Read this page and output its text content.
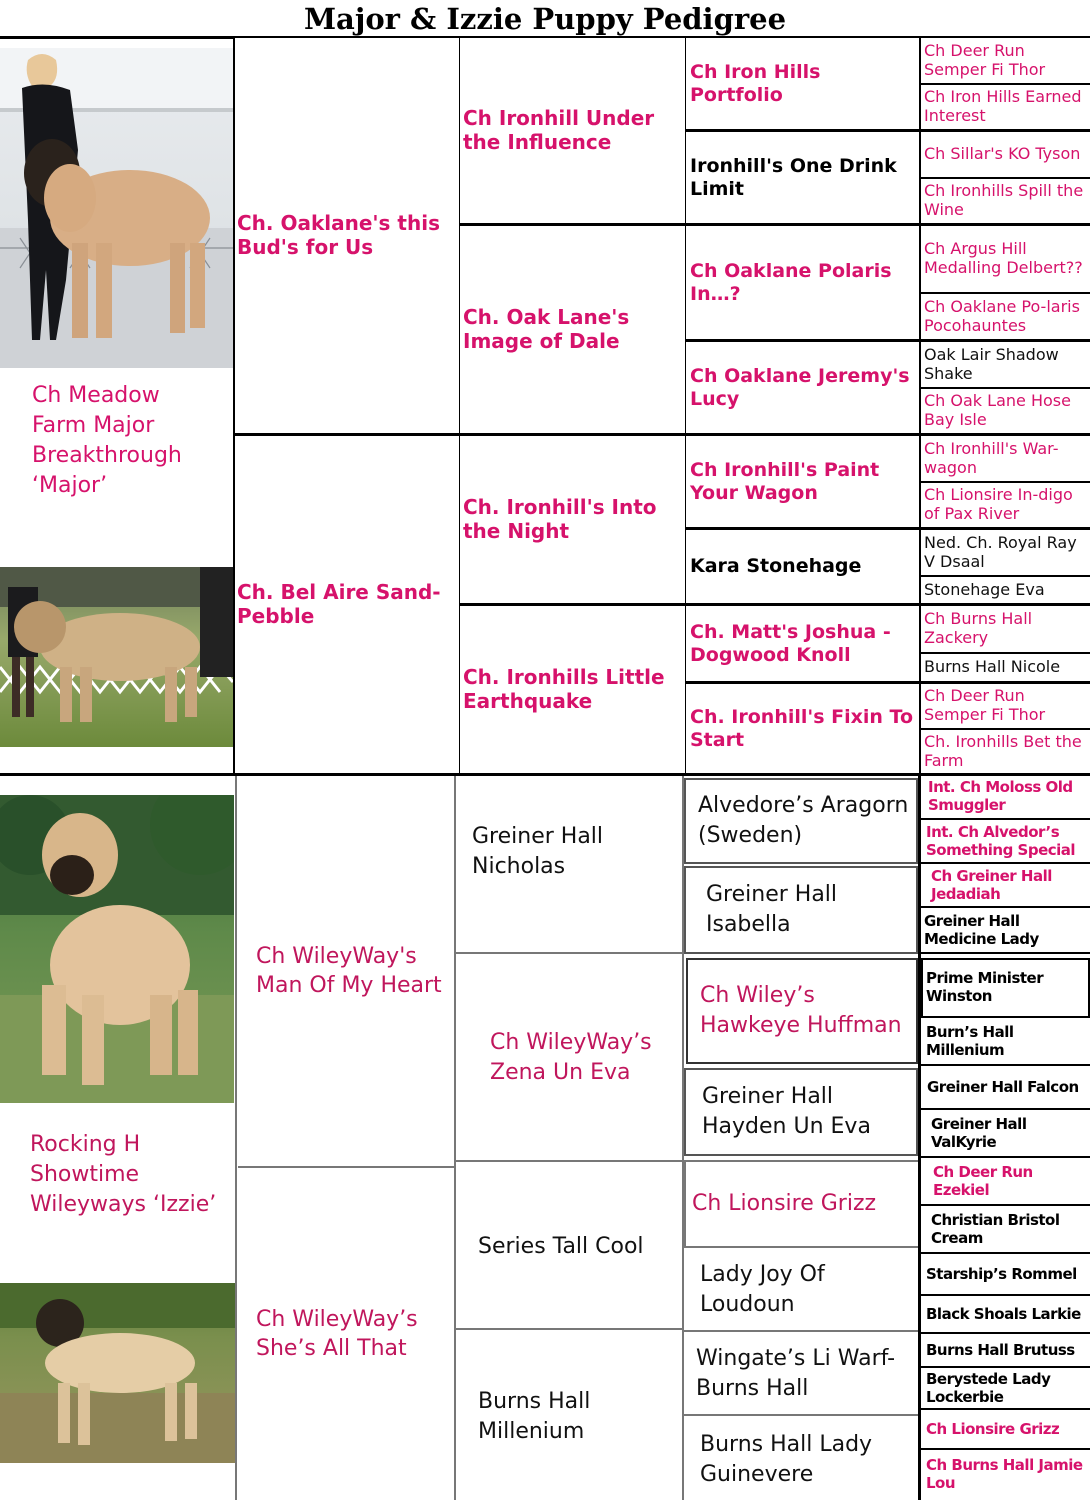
Major & Izzie Puppy Pedigree
Ch Meadow
Farm Major
Breakthrough
‘Major’
Ch. Oaklane's this Bud's for Us
Ch. Bel Aire Sand-Pebble
Ch Ironhill Under the Influence
Ch. Oak Lane's Image of Dale
Ch. Ironhill's Into the Night
Ch. Ironhills Little Earthquake
Ch Iron Hills Portfolio
Ironhill's One Drink Limit
Ch Oaklane Polaris In…?
Ch Oaklane Jeremy's Lucy
Ch Ironhill's Paint Your Wagon
Kara Stonehage
Ch. Matt's Joshua - Dogwood Knoll
Ch. Ironhill's Fixin To Start
Ch Deer Run Semper Fi Thor
Ch Iron Hills Earned Interest
Ch Sillar's KO Tyson
Ch Ironhills Spill the Wine
Ch Argus Hill Medalling Delbert??
Ch Oaklane Po-laris Pocohauntes
Oak Lair Shadow Shake
Ch Oak Lane Hose Bay Isle
Ch Ironhill's War-wagon
Ch Lionsire In-digo of Pax River
Ned. Ch. Royal Ray V Dsaal
Stonehage Eva
Ch Burns Hall Zackery
Burns Hall Nicole
Ch Deer Run Semper Fi Thor
Ch. Ironhills Bet the Farm
Rocking H
Showtime
Wileyways ‘Izzie’
Ch WileyWay's Man Of My Heart
Ch WileyWay’s She’s All That
Greiner Hall Nicholas
Ch WileyWay’s Zena Un Eva
Series Tall Cool
Burns Hall Millenium
Alvedore’s Aragorn (Sweden)
Greiner Hall Isabella
Ch Wiley’s Hawkeye Huffman
Greiner Hall Hayden Un Eva
Ch Lionsire Grizz
Lady Joy Of Loudoun
Wingate’s Li Warf-Burns Hall
Burns Hall Lady Guinevere
Int. Ch Moloss Old Smuggler
Int. Ch Alvedor’s Something Special
Ch Greiner Hall Jedadiah
Greiner Hall Medicine Lady
Prime Minister Winston
Burn’s Hall Millenium
Greiner Hall Falcon
Greiner Hall ValKyrie
Ch Deer Run Ezekiel
Christian Bristol Cream
Starship’s Rommel
Black Shoals Larkie
Burns Hall Brutuss
Berystede Lady Lockerbie
Ch Lionsire Grizz
Ch Burns Hall Jamie Lou
